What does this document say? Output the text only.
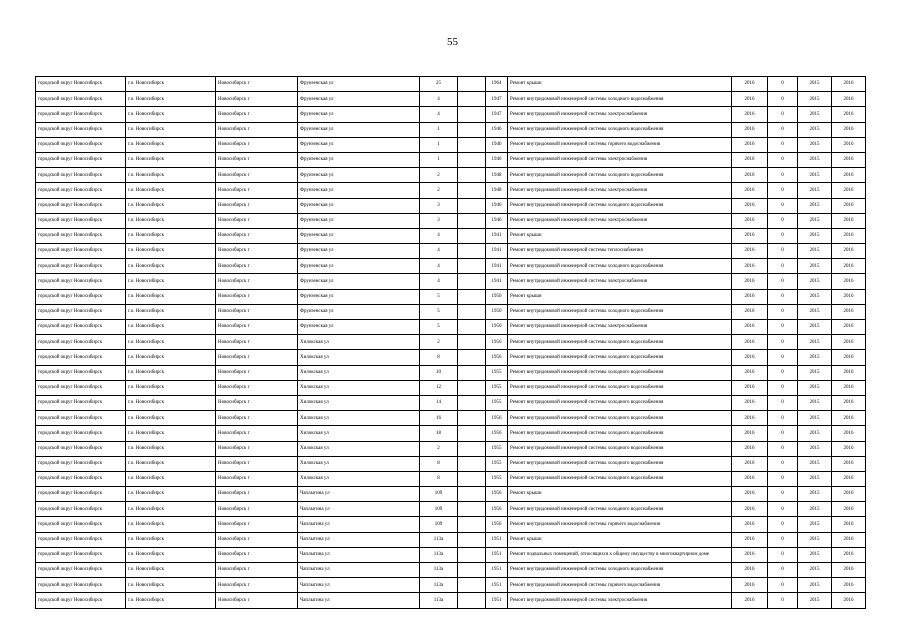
55
городской округ Новосибирск	г.о. Новосибирск	Новосибирск г	Фрунзенская ул	25		1964	Ремонт крыши	2016	0	2015	2016
городской округ Новосибирск	г.о. Новосибирск	Новосибирск г	Фрунзенская ул	4		1947	Ремонт внутридомовой инженерной системы холодного водоснабжения	2016	0	2015	2016
городской округ Новосибирск	г.о. Новосибирск	Новосибирск г	Фрунзенская ул	4		1947	Ремонт внутридомовой инженерной системы электроснабжения	2016	0	2015	2016
городской округ Новосибирск	г.о. Новосибирск	Новосибирск г	Фрунзенская ул	1		1946	Ремонт внутридомовой инженерной системы холодного водоснабжения	2016	0	2015	2016
городской округ Новосибирск	г.о. Новосибирск	Новосибирск г	Фрунзенская ул	1		1946	Ремонт внутридомовой инженерной системы горячего водоснабжения	2016	0	2015	2016
городской округ Новосибирск	г.о. Новосибирск	Новосибирск г	Фрунзенская ул	1		1946	Ремонт внутридомовой инженерной системы электроснабжения	2016	0	2015	2016
городской округ Новосибирск	г.о. Новосибирск	Новосибирск г	Фрунзенская ул	2		1948	Ремонт внутридомовой инженерной системы холодного водоснабжения	2016	0	2015	2016
городской округ Новосибирск	г.о. Новосибирск	Новосибирск г	Фрунзенская ул	2		1948	Ремонт внутридомовой инженерной системы электроснабжения	2016	0	2015	2016
городской округ Новосибирск	г.о. Новосибирск	Новосибирск г	Фрунзенская ул	3		1946	Ремонт внутридомовой инженерной системы холодного водоснабжения	2016	0	2015	2016
городской округ Новосибирск	г.о. Новосибирск	Новосибирск г	Фрунзенская ул	3		1946	Ремонт внутридомовой инженерной системы электроснабжения	2016	0	2015	2016
городской округ Новосибирск	г.о. Новосибирск	Новосибирск г	Фрунзенская ул	4		1941	Ремонт крыши	2016	0	2015	2016
городской округ Новосибирск	г.о. Новосибирск	Новосибирск г	Фрунзенская ул	4		1941	Ремонт внутридомовой инженерной системы теплоснабжения	2016	0	2015	2016
городской округ Новосибирск	г.о. Новосибирск	Новосибирск г	Фрунзенская ул	4		1941	Ремонт внутридомовой инженерной системы холодного водоснабжения	2016	0	2015	2016
городской округ Новосибирск	г.о. Новосибирск	Новосибирск г	Фрунзенская ул	4		1941	Ремонт внутридомовой инженерной системы электроснабжения	2016	0	2015	2016
городской округ Новосибирск	г.о. Новосибирск	Новосибирск г	Фрунзенская ул	5		1950	Ремонт крыши	2016	0	2015	2016
городской округ Новосибирск	г.о. Новосибирск	Новосибирск г	Фрунзенская ул	5		1950	Ремонт внутридомовой инженерной системы холодного водоснабжения	2016	0	2015	2016
городской округ Новосибирск	г.о. Новосибирск	Новосибирск г	Фрунзенская ул	5		1950	Ремонт внутридомовой инженерной системы электроснабжения	2016	0	2015	2016
городской округ Новосибирск	г.о. Новосибирск	Новосибирск г	Хилокская ул	2		1956	Ремонт внутридомовой инженерной системы холодного водоснабжения	2016	0	2015	2016
городской округ Новосибирск	г.о. Новосибирск	Новосибирск г	Хилокская ул	8		1956	Ремонт внутридомовой инженерной системы холодного водоснабжения	2016	0	2015	2016
городской округ Новосибирск	г.о. Новосибирск	Новосибирск г	Хилокская ул	10		1955	Ремонт внутридомовой инженерной системы холодного водоснабжения	2016	0	2015	2016
городской округ Новосибирск	г.о. Новосибирск	Новосибирск г	Хилокская ул	12		1955	Ремонт внутридомовой инженерной системы холодного водоснабжения	2016	0	2015	2016
городской округ Новосибирск	г.о. Новосибирск	Новосибирск г	Хилокская ул	14		1955	Ремонт внутридомовой инженерной системы холодного водоснабжения	2016	0	2015	2016
городской округ Новосибирск	г.о. Новосибирск	Новосибирск г	Хилокская ул	16		1956	Ремонт внутридомовой инженерной системы холодного водоснабжения	2016	0	2015	2016
городской округ Новосибирск	г.о. Новосибирск	Новосибирск г	Хилокская ул	18		1956	Ремонт внутридомовой инженерной системы холодного водоснабжения	2016	0	2015	2016
городской округ Новосибирск	г.о. Новосибирск	Новосибирск г	Хилокская ул	2		1955	Ремонт внутридомовой инженерной системы холодного водоснабжения	2016	0	2015	2016
городской округ Новосибирск	г.о. Новосибирск	Новосибирск г	Хилокская ул	8		1955	Ремонт внутридомовой инженерной системы холодного водоснабжения	2016	0	2015	2016
городской округ Новосибирск	г.о. Новосибирск	Новосибирск г	Хилокская ул	8		1955	Ремонт внутридомовой инженерной системы холодного водоснабжения	2016	0	2015	2016
городской округ Новосибирск	г.о. Новосибирск	Новосибирск г	Чаплыгина ул	109		1956	Ремонт крыши	2016	0	2015	2016
городской округ Новосибирск	г.о. Новосибирск	Новосибирск г	Чаплыгина ул	109		1956	Ремонт внутридомовой инженерной системы холодного водоснабжения	2016	0	2015	2016
городской округ Новосибирск	г.о. Новосибирск	Новосибирск г	Чаплыгина ул	109		1956	Ремонт внутридомовой инженерной системы горячего водоснабжения	2016	0	2015	2016
городской округ Новосибирск	г.о. Новосибирск	Новосибирск г	Чаплыгина ул	113а		1951	Ремонт крыши	2016	0	2015	2016
городской округ Новосибирск	г.о. Новосибирск	Новосибирск г	Чаплыгина ул	113а		1951	Ремонт подвальных помещений, относящихся к общему имуществу в многоквартирном доме	2016	0	2015	2016
городской округ Новосибирск	г.о. Новосибирск	Новосибирск г	Чаплыгина ул	113а		1951	Ремонт внутридомовой инженерной системы холодного водоснабжения	2016	0	2015	2016
городской округ Новосибирск	г.о. Новосибирск	Новосибирск г	Чаплыгина ул	113а		1951	Ремонт внутридомовой инженерной системы горячего водоснабжения	2016	0	2015	2016
городской округ Новосибирск	г.о. Новосибирск	Новосибирск г	Чаплыгина ул	113а		1951	Ремонт внутридомовой инженерной системы электроснабжения	2016	0	2015	2016
